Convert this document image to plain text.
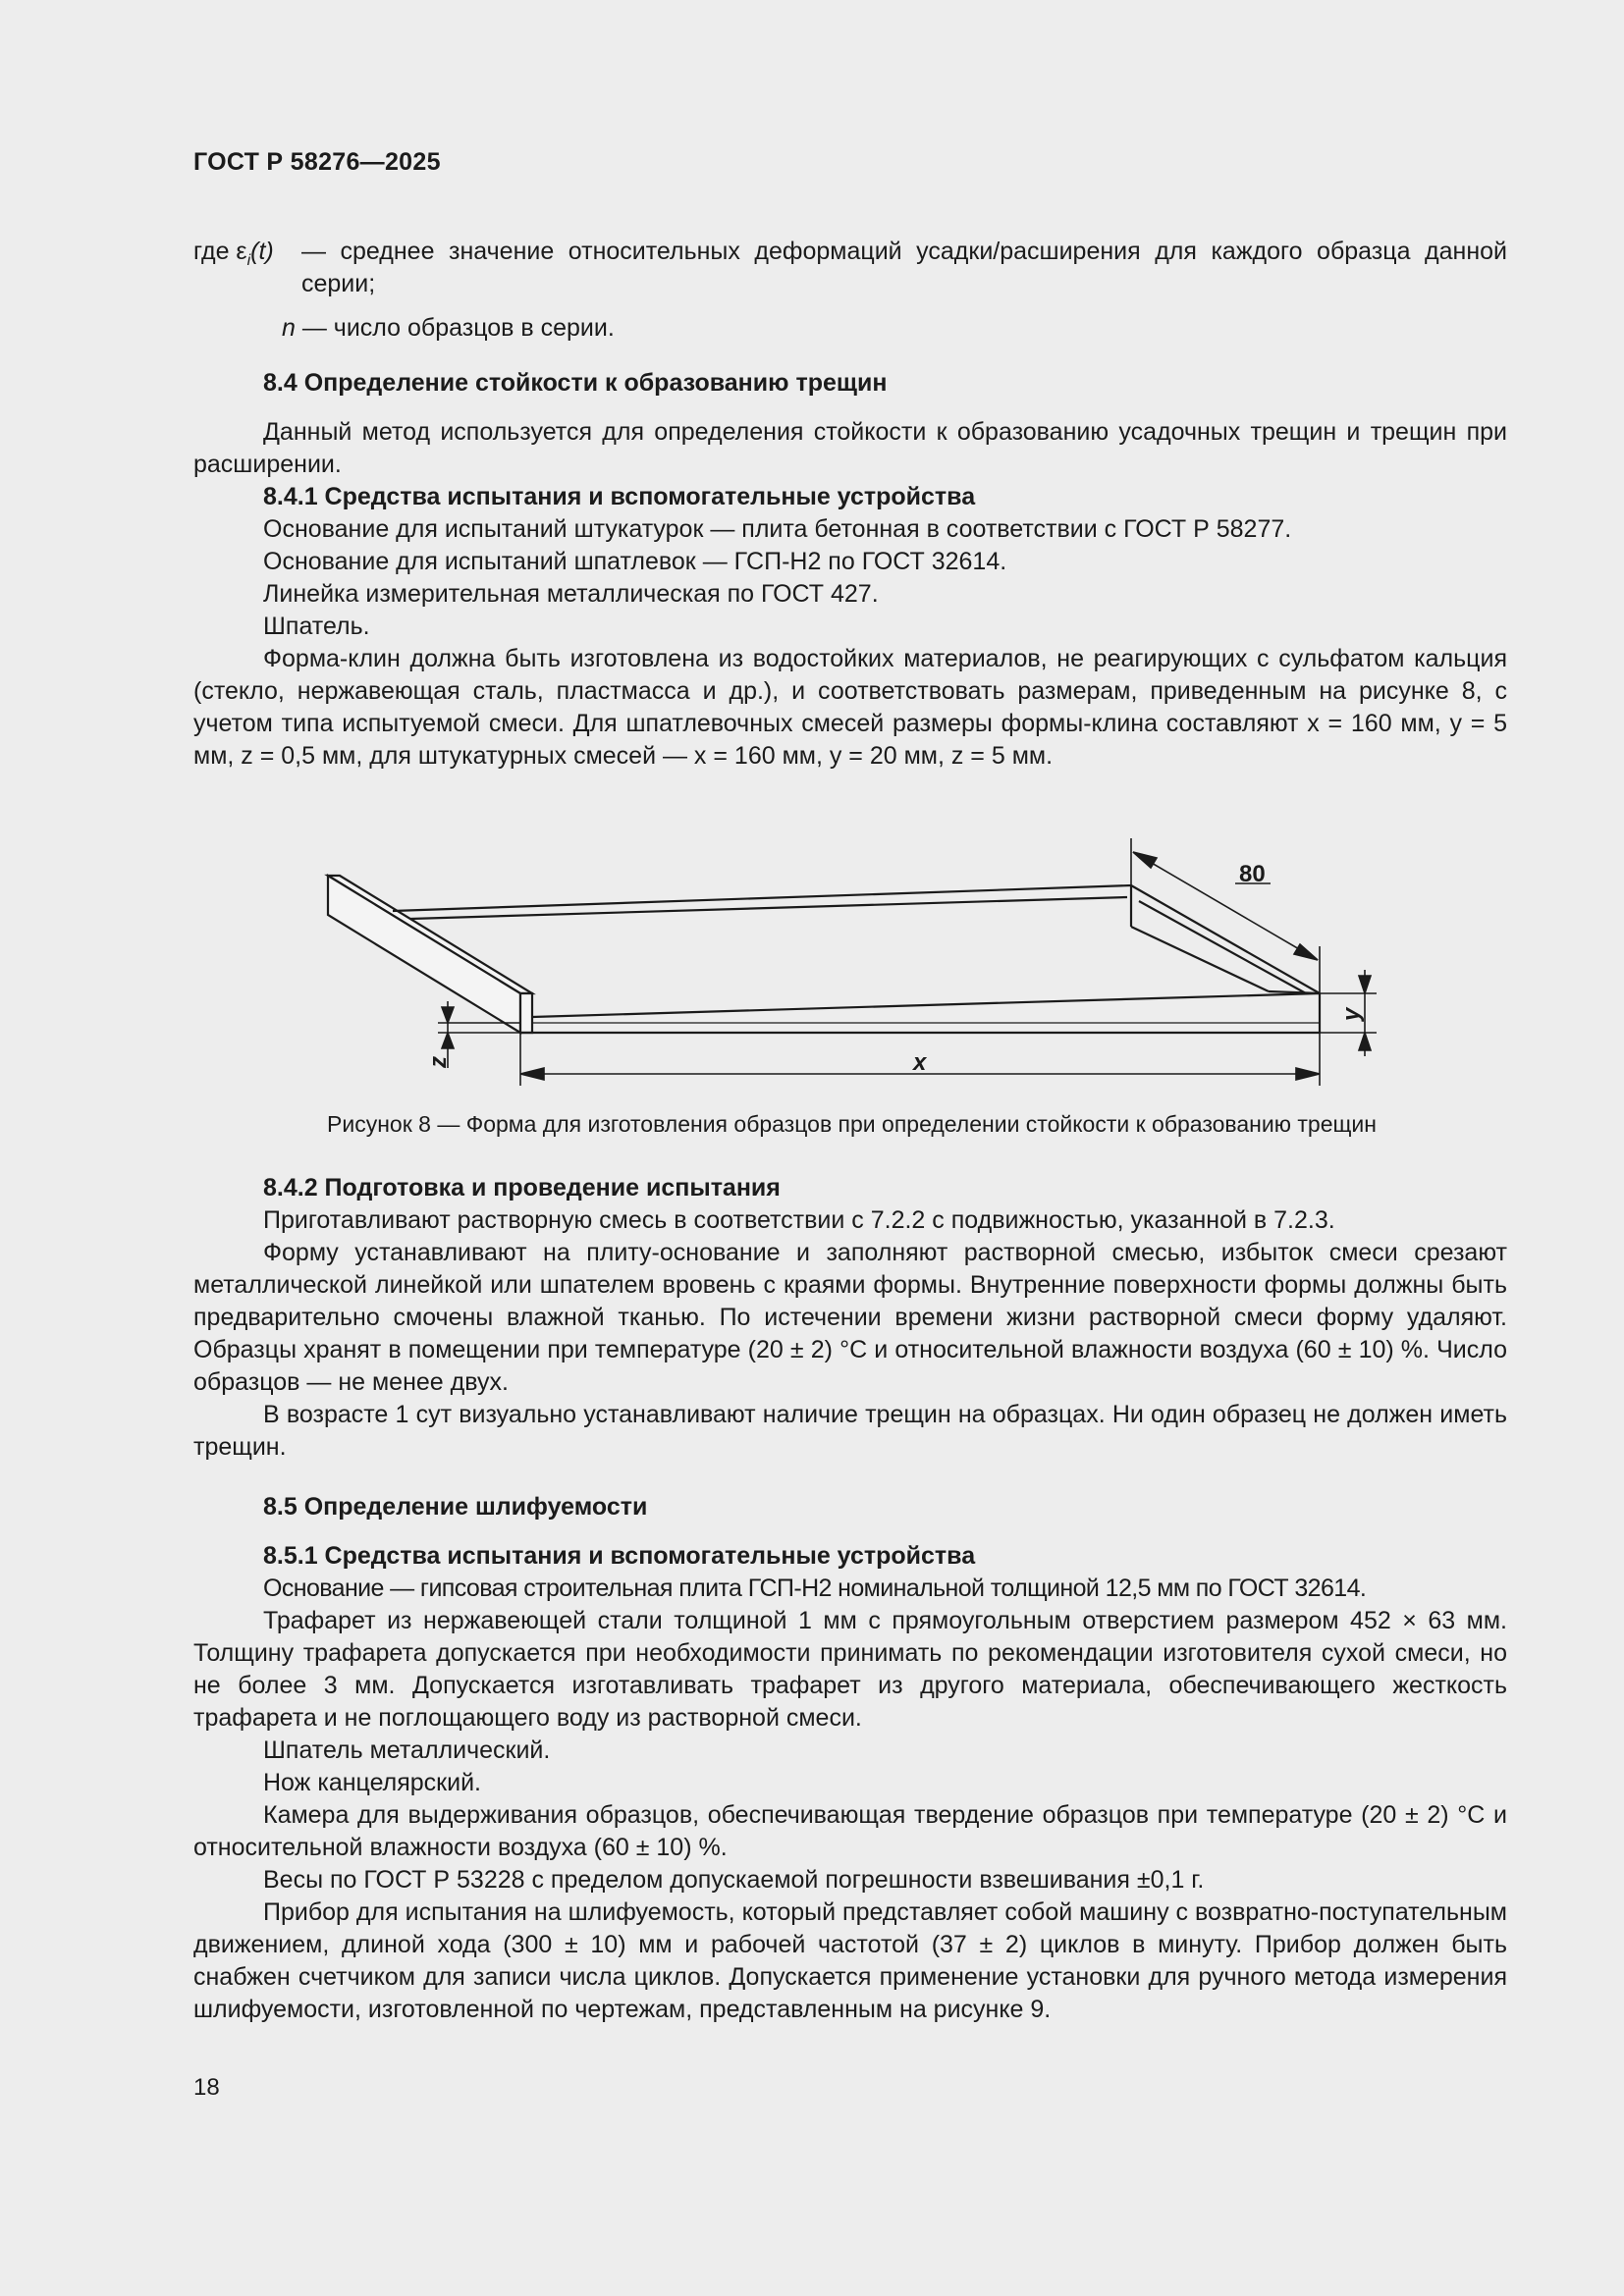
ГОСТ Р 58276—2025
где $\varepsilon_i(t)$	— среднее значение относительных деформаций усадки/расширения для каждого образца данной серии;
n — число образцов в серии.
8.4 Определение стойкости к образованию трещин
Данный метод используется для определения стойкости к образованию усадочных трещин и трещин при расширении.
8.4.1 Средства испытания и вспомогательные устройства
Основание для испытаний штукатурок — плита бетонная в соответствии с ГОСТ Р 58277.
Основание для испытаний шпатлевок — ГСП-Н2 по ГОСТ 32614.
Линейка измерительная металлическая по ГОСТ 427.
Шпатель.
Форма-клин должна быть изготовлена из водостойких материалов, не реагирующих с сульфатом кальция (стекло, нержавеющая сталь, пластмасса и др.), и соответствовать размерам, приведенным на рисунке 8, с учетом типа испытуемой смеси. Для шпатлевочных смесей размеры формы-клина составляют x = 160 мм, y = 5 мм, z = 0,5 мм, для штукатурных смесей — x = 160 мм, y = 20 мм, z = 5 мм.
80
x
y
z
Рисунок 8 — Форма для изготовления образцов при определении стойкости к образованию трещин
8.4.2 Подготовка и проведение испытания
Приготавливают растворную смесь в соответствии с 7.2.2 с подвижностью, указанной в 7.2.3.
Форму устанавливают на плиту-основание и заполняют растворной смесью, избыток смеси срезают металлической линейкой или шпателем вровень с краями формы. Внутренние поверхности формы должны быть предварительно смочены влажной тканью. По истечении времени жизни растворной смеси форму удаляют. Образцы хранят в помещении при температуре (20 ± 2) °С и относительной влажности воздуха (60 ± 10) %. Число образцов — не менее двух.
В возрасте 1 сут визуально устанавливают наличие трещин на образцах. Ни один образец не должен иметь трещин.
8.5 Определение шлифуемости
8.5.1 Средства испытания и вспомогательные устройства
Основание — гипсовая строительная плита ГСП-Н2 номинальной толщиной 12,5 мм по ГОСТ 32614.
Трафарет из нержавеющей стали толщиной 1 мм с прямоугольным отверстием размером 452 × 63 мм. Толщину трафарета допускается при необходимости принимать по рекомендации изготовителя сухой смеси, но не более 3 мм. Допускается изготавливать трафарет из другого материала, обеспечивающего жесткость трафарета и не поглощающего воду из растворной смеси.
Шпатель металлический.
Нож канцелярский.
Камера для выдерживания образцов, обеспечивающая твердение образцов при температуре (20 ± 2) °С и относительной влажности воздуха (60 ± 10) %.
Весы по ГОСТ Р 53228 с пределом допускаемой погрешности взвешивания ±0,1 г.
Прибор для испытания на шлифуемость, который представляет собой машину с возвратно-поступательным движением, длиной хода (300 ± 10) мм и рабочей частотой (37 ± 2) циклов в минуту. Прибор должен быть снабжен счетчиком для записи числа циклов. Допускается применение установки для ручного метода измерения шлифуемости, изготовленной по чертежам, представленным на рисунке 9.
18
